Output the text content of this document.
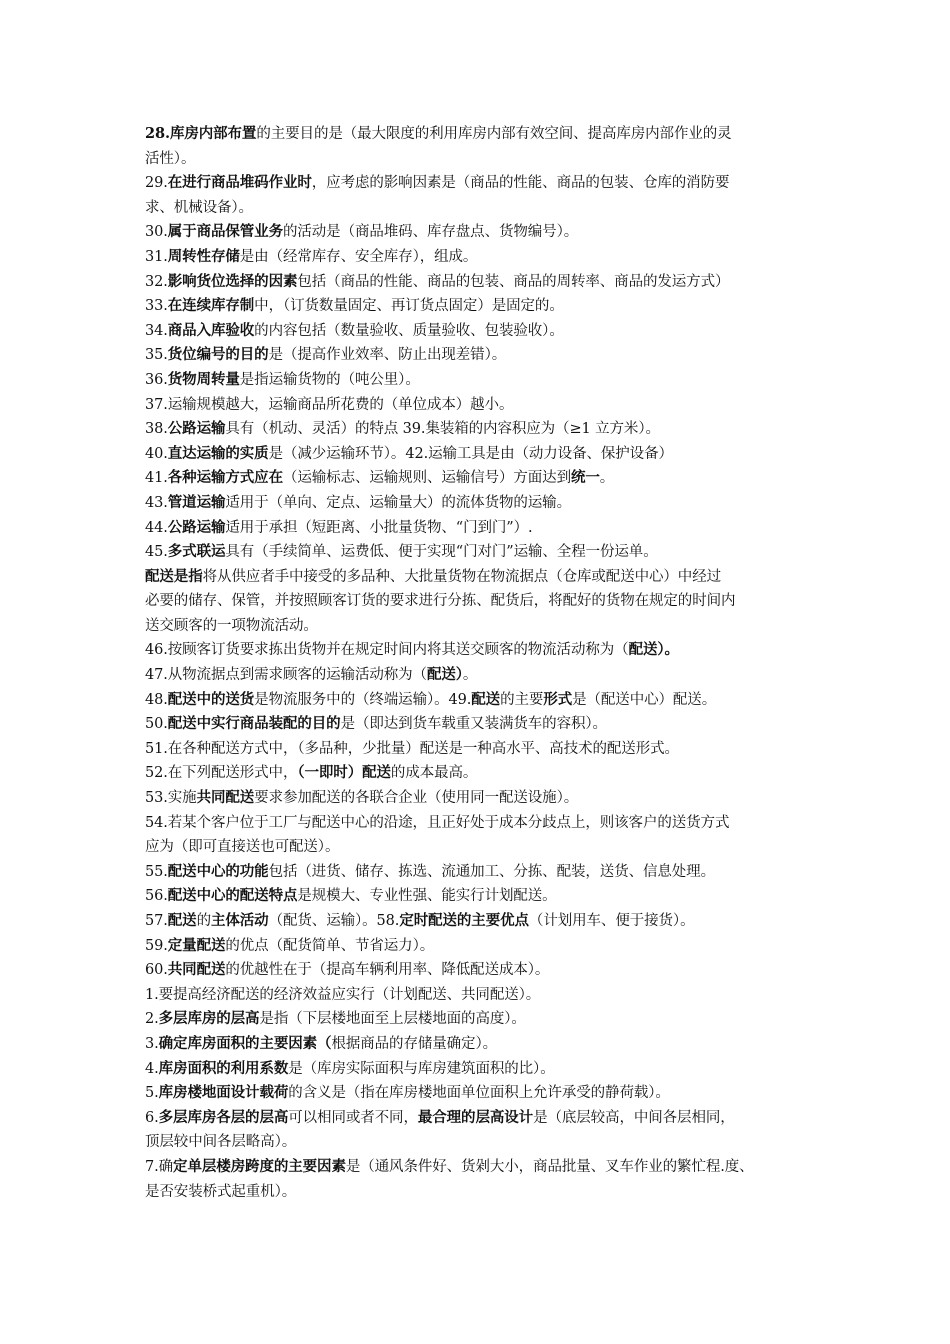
28.库房内部布置的主要目的是（最大限度的利用库房内部有效空间、提高库房内部作业的灵
活性）。
29.在进行商品堆码作业时，应考虑的影响因素是（商品的性能、商品的包装、仓库的消防要
求、机械设备）。
30.属于商品保管业务的活动是（商品堆码、库存盘点、货物编号）。
31.周转性存储是由（经常库存、安全库存），组成。
32.影响货位选择的因素包括（商品的性能、商品的包装、商品的周转率、商品的发运方式）
33.在连续库存制中，（订货数量固定、再订货点固定）是固定的。
34.商品入库验收的内容包括（数量验收、质量验收、包装验收）。
35.货位编号的目的是（提高作业效率、防止出现差错）。
36.货物周转量是指运输货物的（吨公里）。
37.运输规模越大，运输商品所花费的（单位成本）越小。
38.公路运输具有（机动、灵活）的特点 39.集装箱的内容积应为（≥1 立方米）。
40.直达运输的实质是（减少运输环节）。42.运输工具是由（动力设备、保护设备）
41.各种运输方式应在（运输标志、运输规则、运输信号）方面达到统一。
43.管道运输适用于（单向、定点、运输量大）的流体货物的运输。
44.公路运输适用于承担（短距离、小批量货物、“门到门”）.
45.多式联运具有（手续简单、运费低、便于实现“门对门”运输、全程一份运单。
配送是指将从供应者手中接受的多品种、大批量货物在物流据点（仓库或配送中心）中经过
必要的储存、保管，并按照顾客订货的要求进行分拣、配货后，将配好的货物在规定的时间内
送交顾客的一项物流活动。
46.按顾客订货要求拣出货物并在规定时间内将其送交顾客的物流活动称为（配送）。
47.从物流据点到需求顾客的运输活动称为（配送）。
48.配送中的送货是物流服务中的（终端运输）。49.配送的主要形式是（配送中心）配送。
50.配送中实行商品装配的目的是（即达到货车载重又装满货车的容积）。
51.在各种配送方式中，（多品种，少批量）配送是一种高水平、高技术的配送形式。
52.在下列配送形式中，（一即时）配送的成本最高。
53.实施共同配送要求参加配送的各联合企业（使用同一配送设施）。
54.若某个客户位于工厂与配送中心的沿途，且正好处于成本分歧点上，则该客户的送货方式
应为（即可直接送也可配送）。
55.配送中心的功能包括（进货、储存、拣选、流通加工、分拣、配装，送货、信息处理。
56.配送中心的配送特点是规模大、专业性强、能实行计划配送。
57.配送的主体活动（配货、运输）。58.定时配送的主要优点（计划用车、便于接货）。
59.定量配送的优点（配货简单、节省运力）。
60.共同配送的优越性在于（提高车辆利用率、降低配送成本）。
1.要提高经济配送的经济效益应实行（计划配送、共同配送）。
2.多层库房的层高是指（下层楼地面至上层楼地面的高度）。
3.确定库房面积的主要因素（根据商品的存储量确定）。
4.库房面积的利用系数是（库房实际面积与库房建筑面积的比）。
5.库房楼地面设计载荷的含义是（指在库房楼地面单位面积上允许承受的静荷载）。
6.多层库房各层的层高可以相同或者不同，最合理的层高设计是（底层较高，中间各层相同，
顶层较中间各层略高）。
7.确定单层楼房跨度的主要因素是（通风条件好、货剁大小，商品批量、叉车作业的繁忙程.度、
是否安装桥式起重机）。
